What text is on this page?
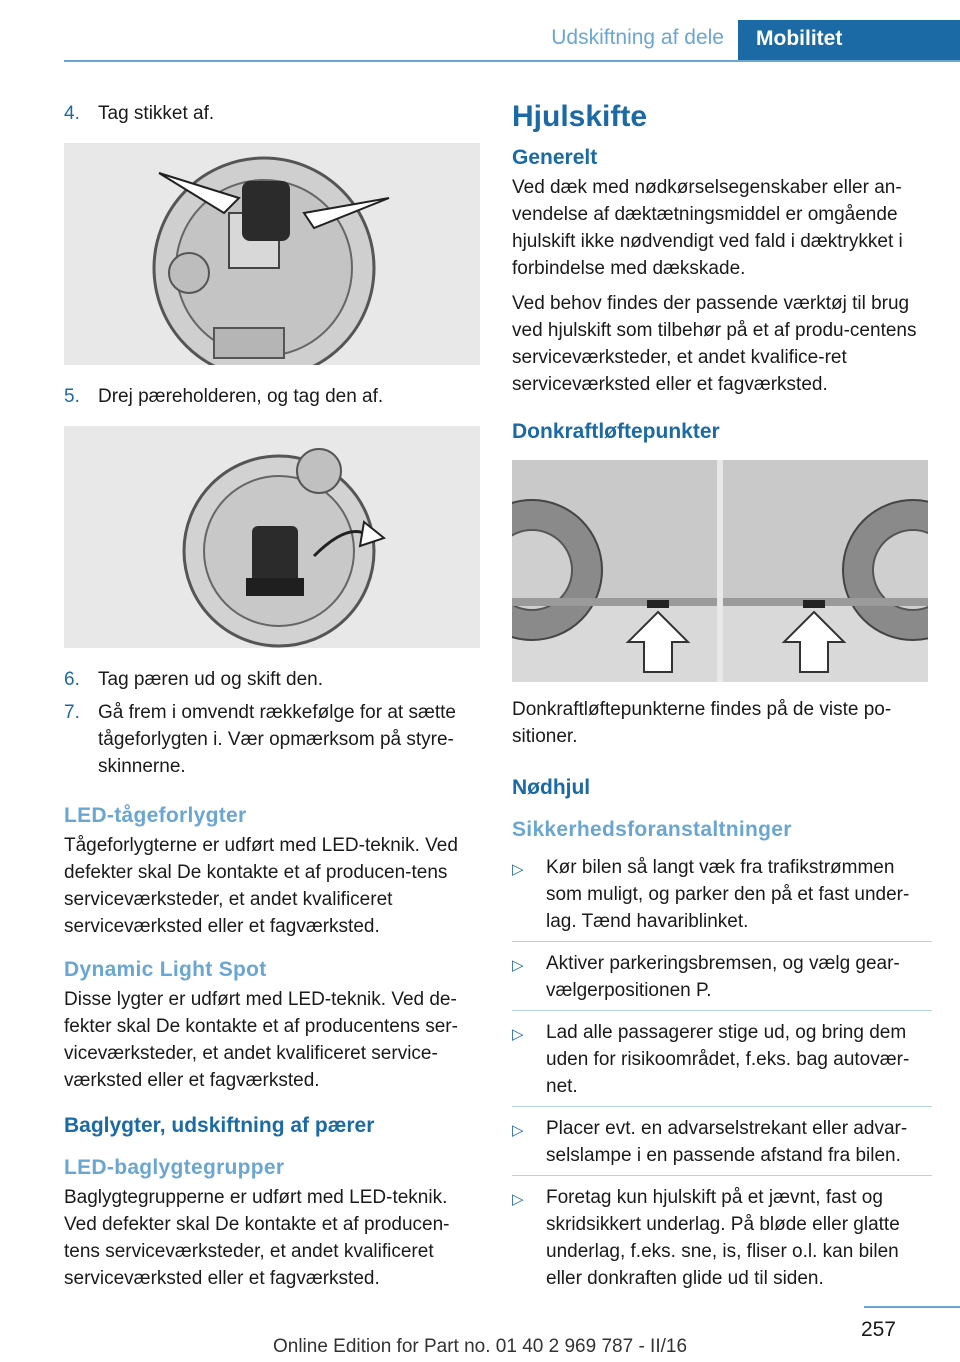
Udskiftning af dele	Mobilitet
4. Tag stikket af.
5. Drej pæreholderen, og tag den af.
6. Tag pæren ud og skift den.
7. Gå frem i omvendt rækkefølge for at sætte tågeforlygten i. Vær opmærksom på styre-skinnerne.
LED-tågeforlygter
Tågeforlygterne er udført med LED-teknik. Ved defekter skal De kontakte et af producen-tens serviceværksteder, et andet kvalificeret serviceværksted eller et fagværksted.
Dynamic Light Spot
Disse lygter er udført med LED-teknik. Ved de-fekter skal De kontakte et af producentens ser-viceværksteder, et andet kvalificeret service-værksted eller et fagværksted.
Baglygter, udskiftning af pærer
LED-baglygtegrupper
Baglygtegrupperne er udført med LED-teknik. Ved defekter skal De kontakte et af producen-tens serviceværksteder, et andet kvalificeret serviceværksted eller et fagværksted.
Hjulskifte
Generelt
Ved dæk med nødkørselsegenskaber eller an-vendelse af dæktætningsmiddel er omgående hjulskift ikke nødvendigt ved fald i dæktrykket i forbindelse med dækskade.
Ved behov findes der passende værktøj til brug ved hjulskift som tilbehør på et af produ-centens serviceværksteder, et andet kvalifice-ret serviceværksted eller et fagværksted.
Donkraftløftepunkter
Donkraftløftepunkterne findes på de viste po-sitioner.
Nødhjul
Sikkerhedsforanstaltninger
▷	Kør bilen så langt væk fra trafikstrømmen som muligt, og parker den på et fast under-lag. Tænd havariblinket.
▷	Aktiver parkeringsbremsen, og vælg gear-vælgerpositionen P.
▷	Lad alle passagerer stige ud, og bring dem uden for risikoområdet, f.eks. bag autovær-net.
▷	Placer evt. en advarselstrekant eller advar-selslampe i en passende afstand fra bilen.
▷	Foretag kun hjulskift på et jævnt, fast og skridsikkert underlag. På bløde eller glatte underlag, f.eks. sne, is, fliser o.l. kan bilen eller donkraften glide ud til siden.
257
Online Edition for Part no. 01 40 2 969 787 - II/16
